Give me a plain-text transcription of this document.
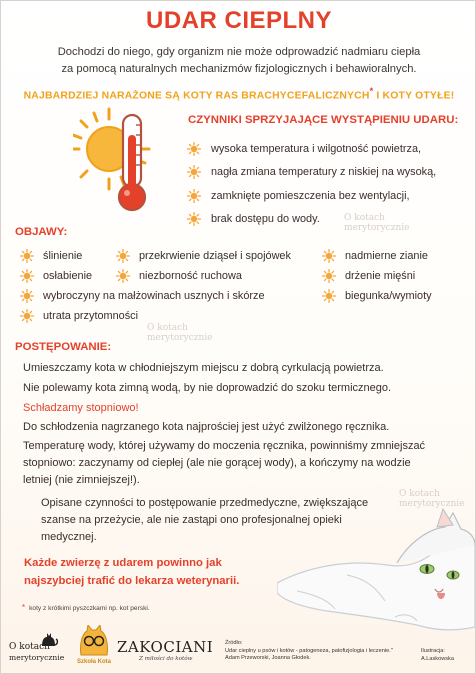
UDAR CIEPLNY
Dochodzi do niego, gdy organizm nie może odprowadzić nadmiaru ciepła
za pomocą naturalnych mechanizmów fizjologicznych i behawioralnych.
NAJBARDZIEJ NARAŻONE SĄ KOTY RAS BRACHYCEFALICZNYCH* I KOTY OTYŁE!
CZYNNIKI SPRZYJAJĄCE WYSTĄPIENIU UDARU:
wysoka temperatura i wilgotność powietrza,
nagła zmiana temperatury z niskiej na wysoką,
zamknięte pomieszczenia bez wentylacji,
brak dostępu do wody.	O kotach
merytorycznie
OBJAWY:
ślinienie
osłabienie
wybroczyny na małżowinach usznych i skórze
utrata przytomności
przekrwienie dziąseł i spojówek
niezborność ruchowa
nadmierne zianie
drżenie mięśni
biegunka/wymioty
O kotach
merytorycznie
POSTĘPOWANIE:
Umieszczamy kota w chłodniejszym miejscu z dobrą cyrkulacją powietrza.
Nie polewamy kota zimną wodą, by nie doprowadzić do szoku termicznego.
Schładzamy stopniowo!
Do schłodzenia nagrzanego kota najprościej jest użyć zwilżonego ręcznika.
Temperaturę wody, której używamy do moczenia ręcznika, powinniśmy zmniejszać
stopniowo: zaczynamy od ciepłej (ale nie gorącej wody), a kończymy na wodzie
letniej (nie zimniejszej!).
Opisane czynności to postępowanie przedmedyczne, zwiększające
szanse na przeżycie, ale nie zastąpi ono profesjonalnej opieki
medycznej.
O kotach
merytorycznie
Każde zwierzę z udarem powinno jak
najszybciej trafić do lekarza weterynarii.
* koty z krótkimi pyszczkami np. kot perski.
O kotach
merytorycznie	Szkoła Kota
ZAKOCIANI
Z miłości do kotów
Źródło:
Udar cieplny u psów i kotów - patogeneza, patofizjologia i leczenie."
Adam Przeworski, Joanna Głodek.
Ilustracja:
A.Laskowska
